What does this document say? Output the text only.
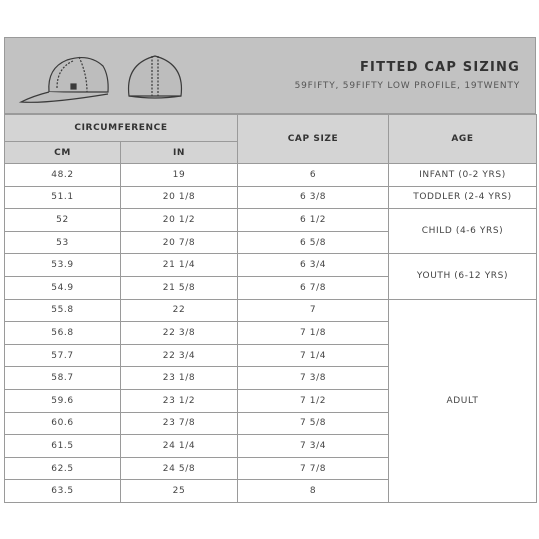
FITTED CAP SIZING
59FIFTY, 59FIFTY LOW PROFILE, 19TWENTY
CIRCUMFERENCE		CAP SIZE	AGE
CM	IN		
48.2	19	6	INFANT (0-2 YRS)
51.1	20 1/8	6 3/8	TODDLER (2-4 YRS)
52	20 1/2	6 1/2	CHILD (4-6 YRS)
53	20 7/8	6 5/8	
53.9	21 1/4	6 3/4	YOUTH (6-12 YRS)
54.9	21 5/8	6 7/8	
55.8	22	7	ADULT
56.8	22 3/8	7 1/8	
57.7	22 3/4	7 1/4	
58.7	23 1/8	7 3/8	
59.6	23 1/2	7 1/2	
60.6	23 7/8	7 5/8	
61.5	24 1/4	7 3/4	
62.5	24 5/8	7 7/8	
63.5	25	8	
